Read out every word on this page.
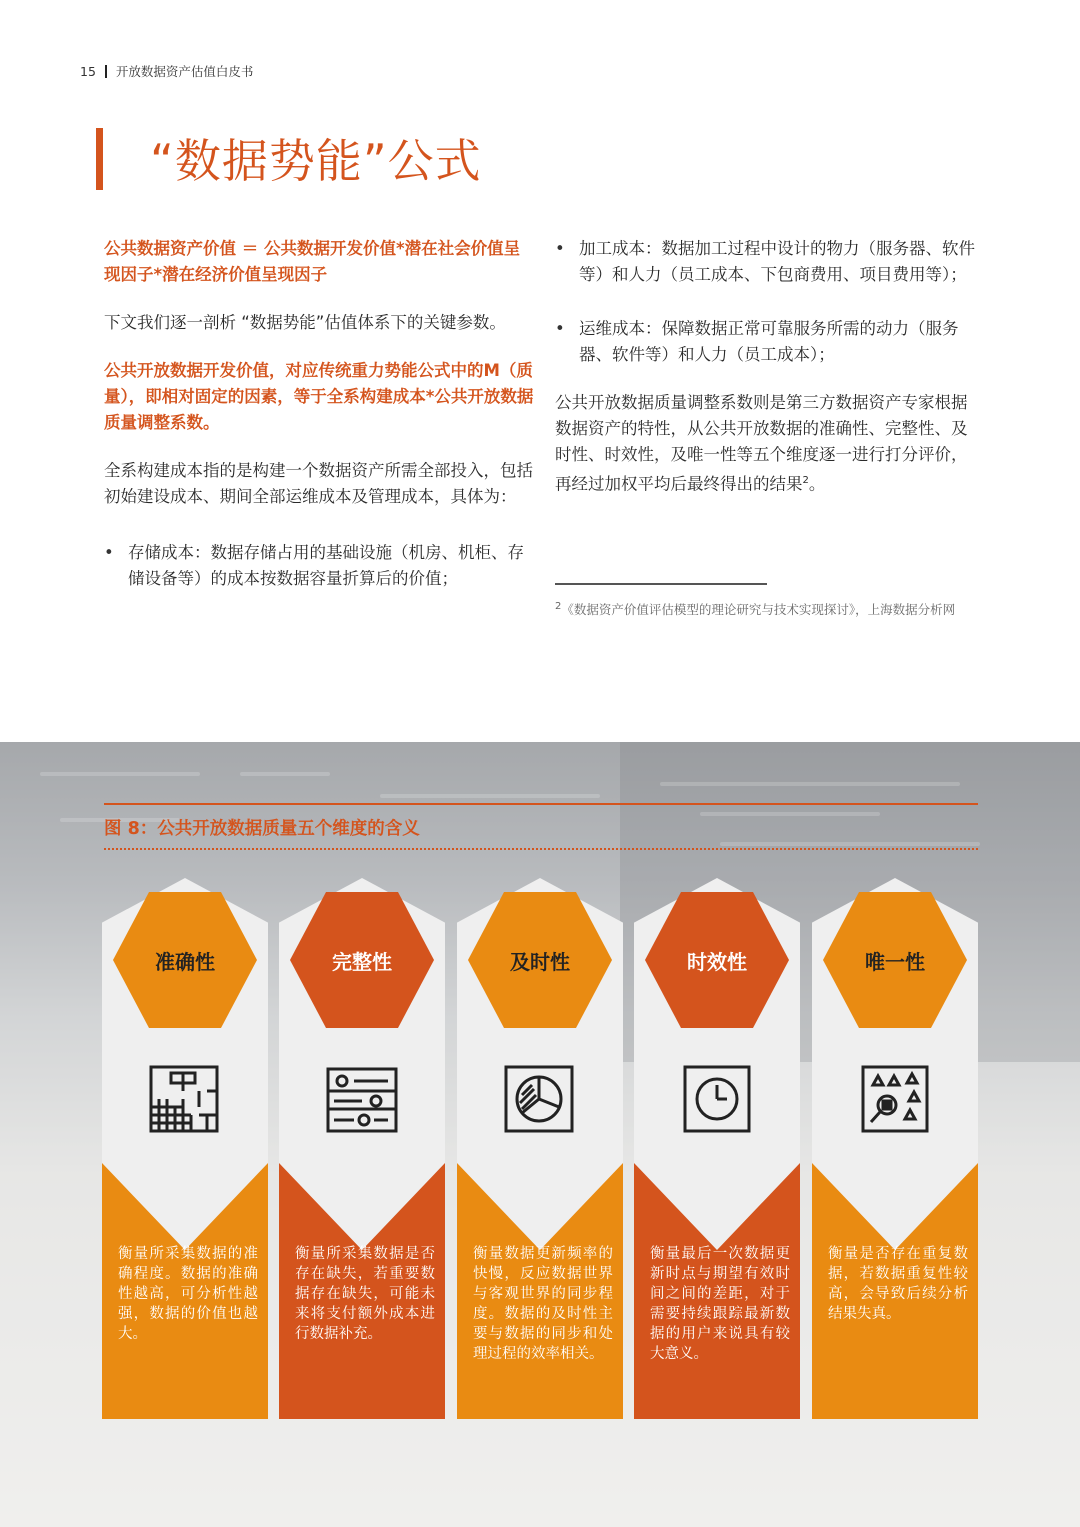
15 开放数据资产估值白皮书
“数据势能”公式

公共数据资产价值 ＝ 公共数据开发价值*潜在社会价值呈现因子*潜在经济价值呈现因子

下文我们逐一剖析 “数据势能”估值体系下的关键参数。

公共开放数据开发价值，对应传统重力势能公式中的M（质量），即相对固定的因素，等于全系构建成本*公共开放数据质量调整系数。

全系构建成本指的是构建一个数据资产所需全部投入，包括初始建设成本、期间全部运维成本及管理成本，具体为：

• 存储成本：数据存储占用的基础设施（机房、机柜、存储设备等）的成本按数据容量折算后的价值；
• 加工成本：数据加工过程中设计的物力（服务器、软件等）和人力（员工成本、下包商费用、项目费用等）；
• 运维成本：保障数据正常可靠服务所需的动力（服务器、软件等）和人力（员工成本）；

公共开放数据质量调整系数则是第三方数据资产专家根据数据资产的特性，从公共开放数据的准确性、完整性、及时性、时效性，及唯一性等五个维度逐一进行打分评价，再经过加权平均后最终得出的结果$^2$。

$^2$《数据资产价值评估模型的理论研究与技术实现探讨》，上海数据分析网
图 8：公共开放数据质量五个维度的含义
准确性
衡量所采集数据的准确程度。数据的准确性越高，可分析性越强，数据的价值也越大。
完整性
衡量所采集数据是否存在缺失，若重要数据存在缺失，可能未来将支付额外成本进行数据补充。
及时性
衡量数据更新频率的快慢，反应数据世界与客观世界的同步程度。数据的及时性主要与数据的同步和处理过程的效率相关。
时效性
衡量最后一次数据更新时点与期望有效时间之间的差距，对于需要持续跟踪最新数据的用户来说具有较大意义。
唯一性
衡量是否存在重复数据，若数据重复性较高，会导致后续分析结果失真。
